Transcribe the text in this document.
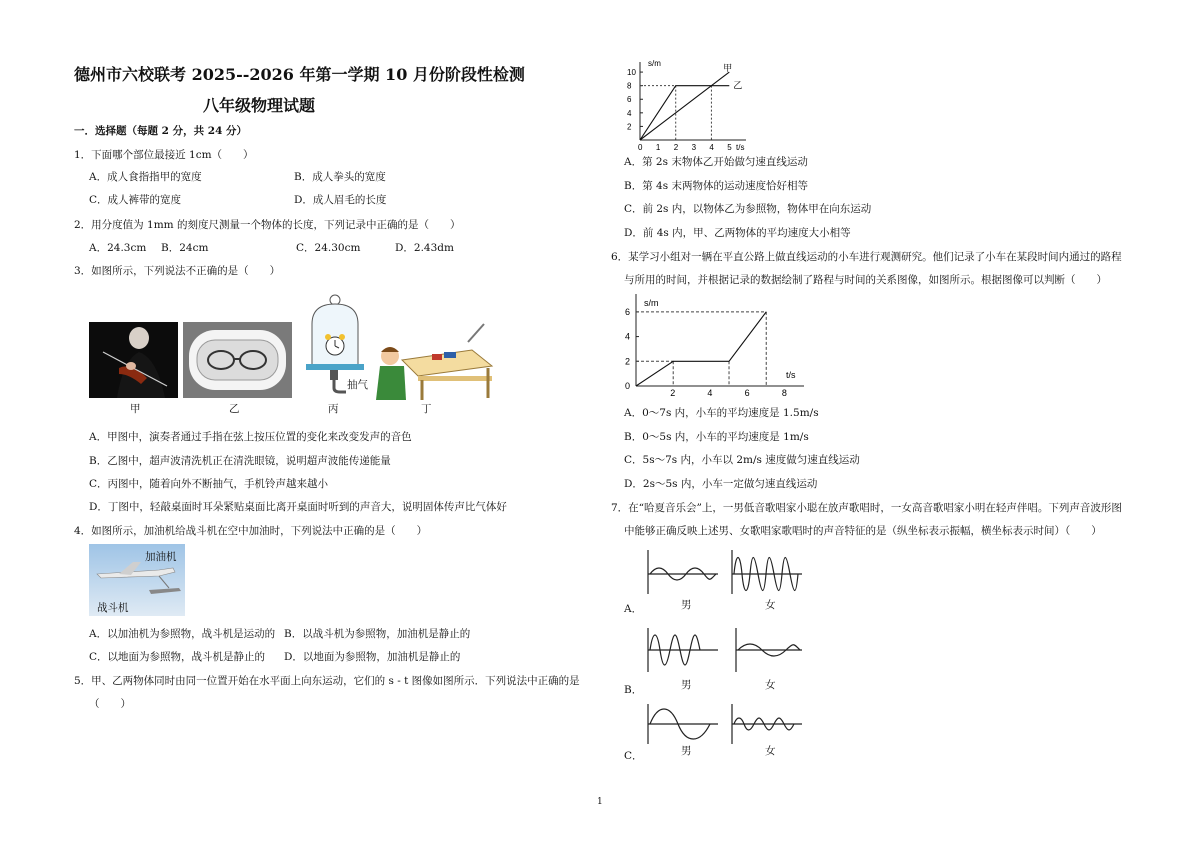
德州市六校联考 2025--2026 年第一学期 10 月份阶段性检测
八年级物理试题
一．选择题（每题 2 分，共 24 分）
1．下面哪个部位最接近 1cm（　　）
A．成人食指指甲的宽度	B．成人拳头的宽度
C．成人裤带的宽度	D．成人眉毛的长度
2．用分度值为 1mm 的刻度尺测量一个物体的长度，下列记录中正确的是（　　）
A．24.3cm B．24cm	C．24.30cm	D．2.43dm
3．如图所示，下列说法不正确的是（　　）
甲	乙
抽气
丙	丁
A．甲图中，演奏者通过手指在弦上按压位置的变化来改变发声的音色
B．乙图中，超声波清洗机正在清洗眼镜，说明超声波能传递能量
C．丙图中，随着向外不断抽气，手机铃声越来越小
D．丁图中，轻敲桌面时耳朵紧贴桌面比离开桌面时听到的声音大，说明固体传声比气体好
4．如图所示，加油机给战斗机在空中加油时，下列说法中正确的是（　　）
加油机
战斗机
A．以加油机为参照物，战斗机是运动的 B．以战斗机为参照物，加油机是静止的
C．以地面为参照物，战斗机是静止的 D．以地面为参照物，加油机是静止的
5．甲、乙两物体同时由同一位置开始在水平面上向东运动，它们的 s - t 图像如图所示．下列说法中正确的是
（　　）
s/m
t/s
0 1 2 3 4 5
2
4
6
8
10	甲
乙
A．第 2s 末物体乙开始做匀速直线运动
B．第 4s 末两物体的运动速度恰好相等
C．前 2s 内，以物体乙为参照物，物体甲在向东运动
D．前 4s 内，甲、乙两物体的平均速度大小相等
6．某学习小组对一辆在平直公路上做直线运动的小车进行观测研究。他们记录了小车在某段时间内通过的路程
与所用的时间，并根据记录的数据绘制了路程与时间的关系图像，如图所示。根据图像可以判断（　　）
s/m
t/s
2	4	6	8
0
2
4
6
A．0～7s 内，小车的平均速度是 1.5m/s
B．0～5s 内，小车的平均速度是 1m/s
C．5s～7s 内，小车以 2m/s 速度做匀速直线运动
D．2s～5s 内，小车一定做匀速直线运动
7．在“哈夏音乐会”上，一男低音歌唱家小聪在放声歌唱时，一女高音歌唱家小明在轻声伴唱。下列声音波形图
中能够正确反映上述男、女歌唱家歌唱时的声音特征的是（纵坐标表示振幅，横坐标表示时间）（　　）
A．	男	女
B．	男	女
C．	男	女
1
